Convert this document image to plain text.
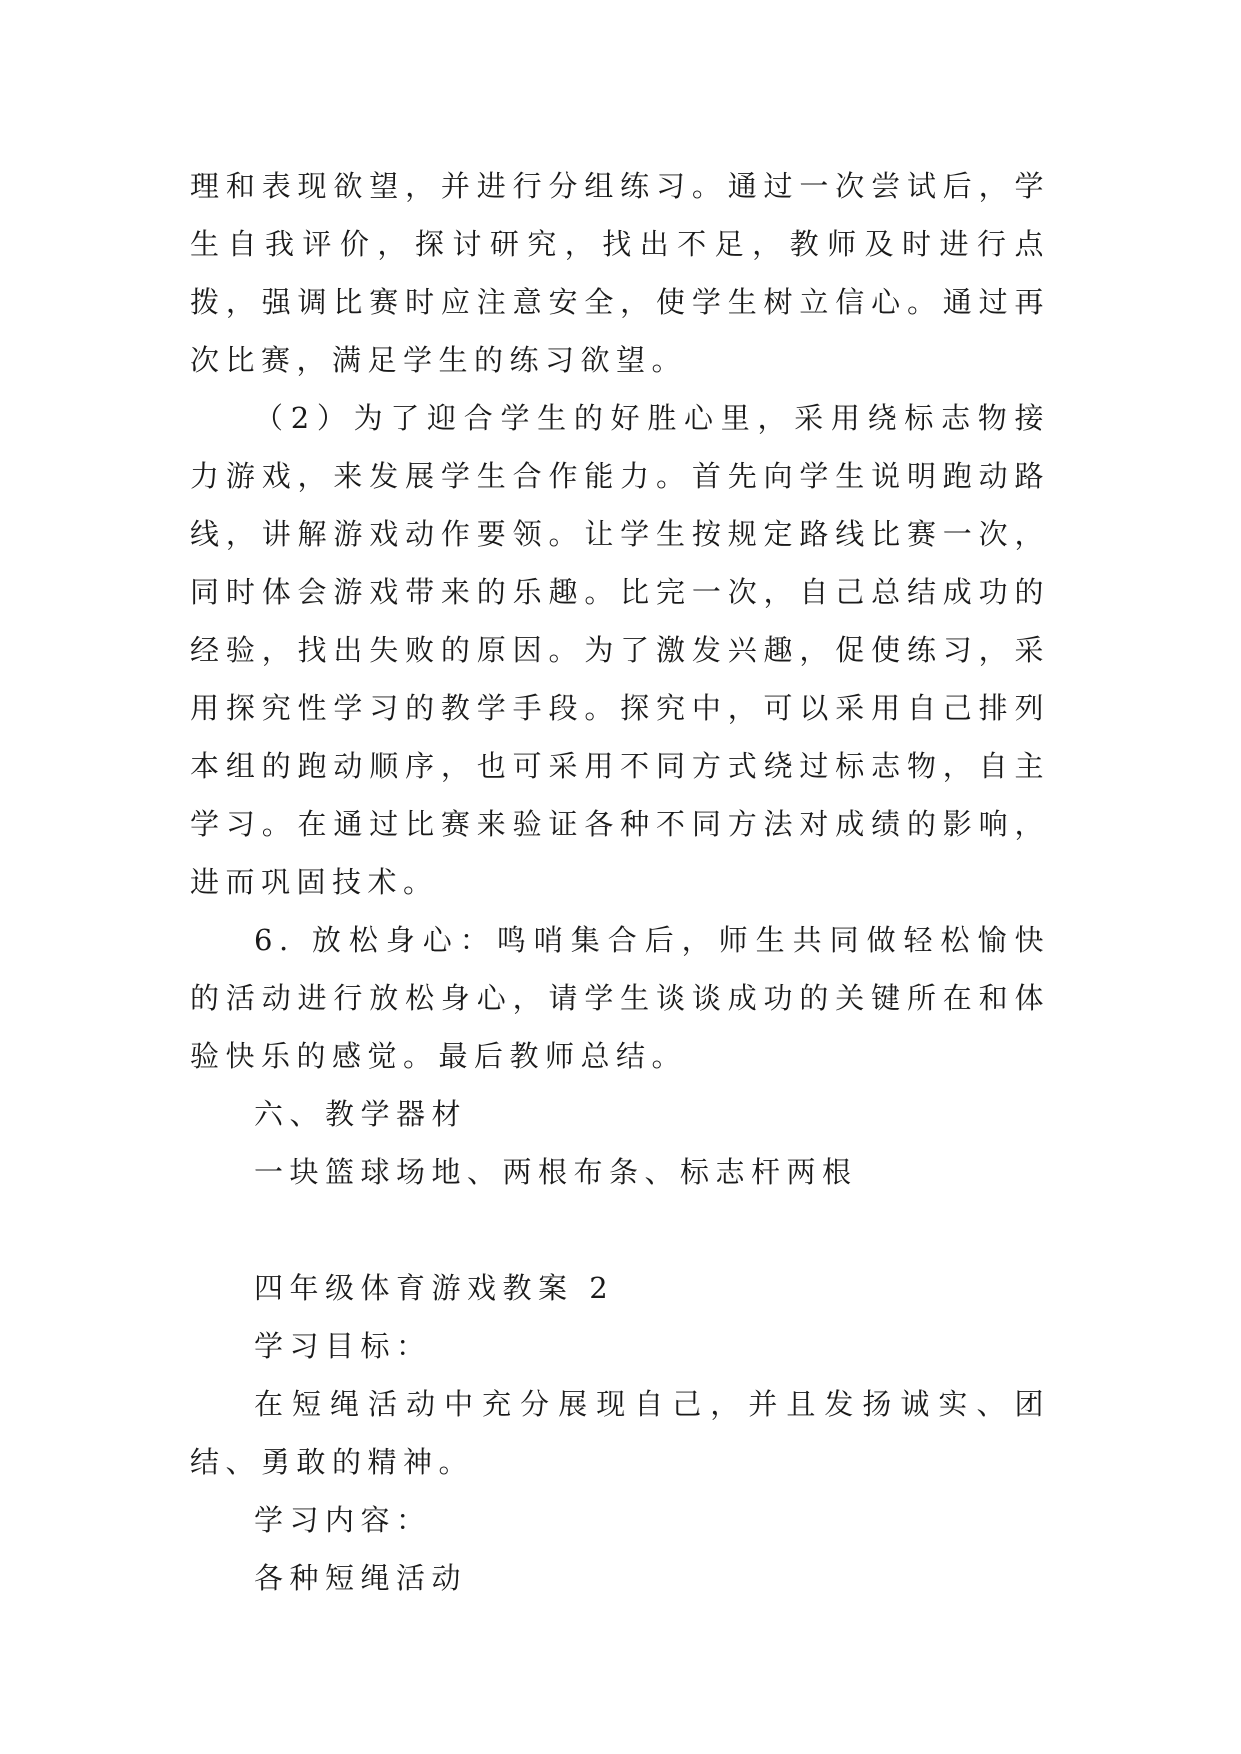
理和表现欲望，并进行分组练习。通过一次尝试后，学生自我评价，探讨研究，找出不足，教师及时进行点拨，强调比赛时应注意安全，使学生树立信心。通过再次比赛，满足学生的练习欲望。

（2）为了迎合学生的好胜心里，采用绕标志物接力游戏，来发展学生合作能力。首先向学生说明跑动路线，讲解游戏动作要领。让学生按规定路线比赛一次，同时体会游戏带来的乐趣。比完一次，自己总结成功的经验，找出失败的原因。为了激发兴趣，促使练习，采用探究性学习的教学手段。探究中，可以采用自己排列本组的跑动顺序，也可采用不同方式绕过标志物，自主学习。在通过比赛来验证各种不同方法对成绩的影响，进而巩固技术。

6. 放松身心：鸣哨集合后，师生共同做轻松愉快的活动进行放松身心，请学生谈谈成功的关键所在和体验快乐的感觉。最后教师总结。

六、教学器材

一块篮球场地、两根布条、标志杆两根

四年级体育游戏教案 2

学习目标：

在短绳活动中充分展现自己，并且发扬诚实、团结、勇敢的精神。

学习内容：

各种短绳活动
